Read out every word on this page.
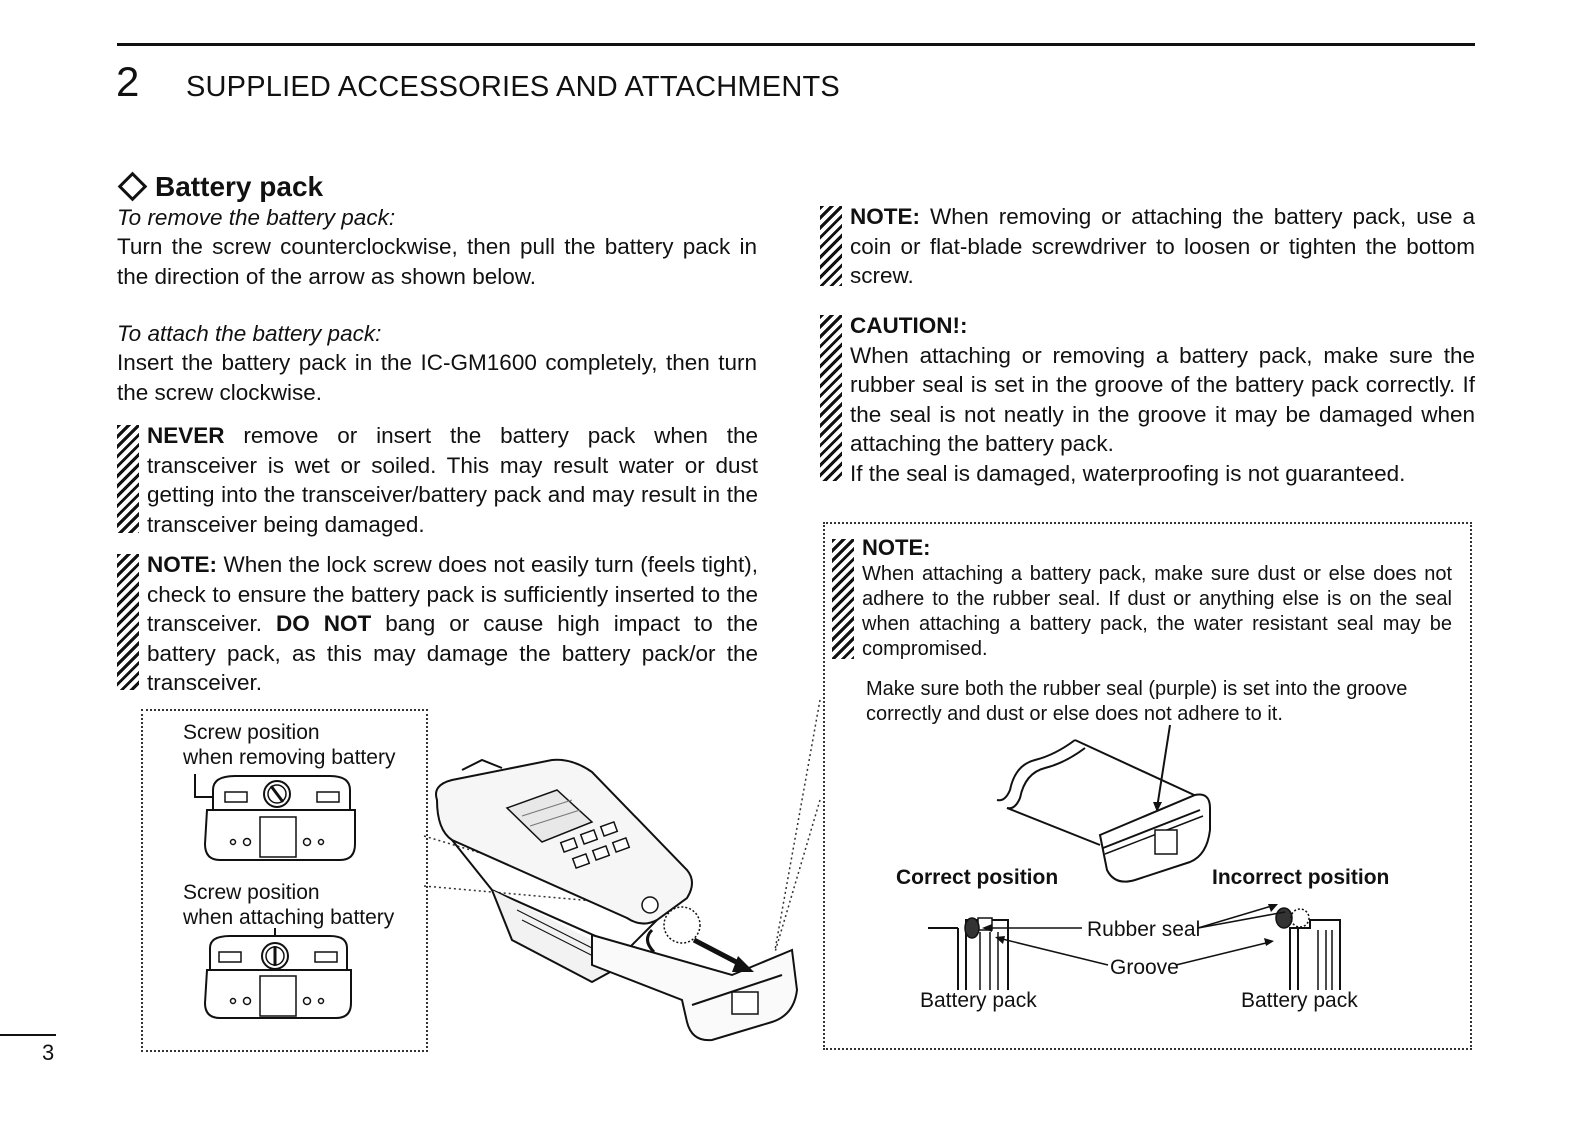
2 SUPPLIED ACCESSORIES AND ATTACHMENTS
Battery pack
To remove the battery pack:
Turn the screw counterclockwise, then pull the battery pack in the direction of the arrow as shown below.
To attach the battery pack:
Insert the battery pack in the IC-GM1600 completely, then turn the screw clockwise.
NEVER remove or insert the battery pack when the transceiver is wet or soiled. This may result water or dust getting into the transceiver/battery pack and may result in the transceiver being damaged.
NOTE: When the lock screw does not easily turn (feels tight), check to ensure the battery pack is sufficiently inserted to the transceiver. DO NOT bang or cause high impact to the battery pack, as this may damage the battery pack/or the transceiver.
Screw position
when removing battery
Screw position
when attaching battery
NOTE: When removing or attaching the battery pack, use a coin or flat-blade screwdriver to loosen or tighten the bottom screw.
CAUTION!:
When attaching or removing a battery pack, make sure the rubber seal is set in the groove of the battery pack correctly. If the seal is not neatly in the groove it may be damaged when attaching the battery pack.
If the seal is damaged, waterproofing is not guaranteed.
NOTE:
When attaching a battery pack, make sure dust or else does not adhere to the rubber seal. If dust or anything else is on the seal when attaching a battery pack, the water resistant seal may be compromised.
Make sure both the rubber seal (purple) is set into the groove correctly and dust or else does not adhere to it.
Correct position	Incorrect position
Rubber seal
Groove
Battery pack	Battery pack
3
